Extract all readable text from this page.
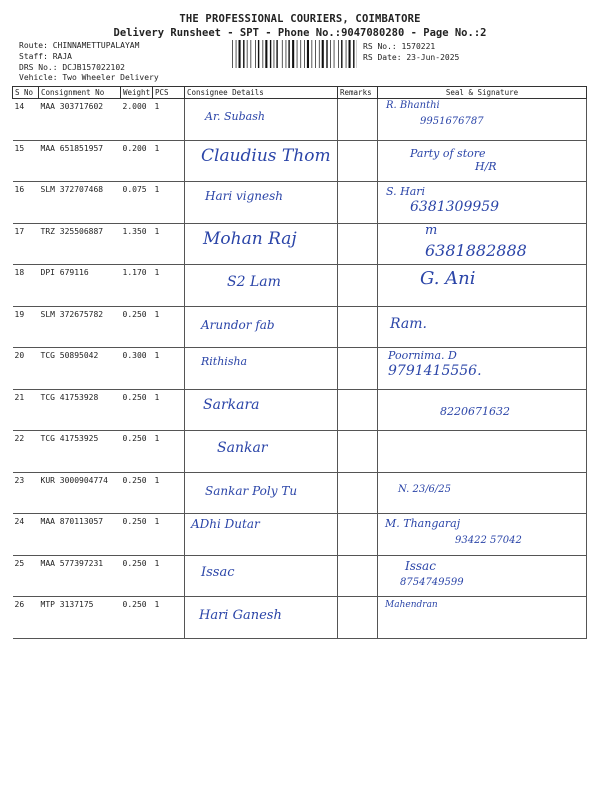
THE PROFESSIONAL COURIERS, COIMBATORE
Delivery Runsheet - SPT - Phone No.:9047080280 - Page No.:2
Route: CHINNAMETTUPALAYAM
Staff: RAJA
DRS No.: DCJB157022102
Vehicle: Two Wheeler Delivery
RS No.: 1570221
RS Date: 23-Jun-2025
S No	Consignment No	Weight	PCS	Consignee Details	Remarks	Seal & Signature
14	MAA 303717602	2.000	1	Ar. Subash		R. Bhanthi
9951676787

15	MAA 651851957	0.200	1	Claudius Thom		Party of store
H/R

16	SLM 372707468	0.075	1	Hari vignesh		S. Hari
6381309959

17	TRZ 325506887	1.350	1	Mohan Raj		m
6381882888

18	DPI 679116	1.170	1	S2 Lam		G. Ani

19	SLM 372675782	0.250	1	Arundor fab		Ram.

20	TCG 50895042	0.300	1	Rithisha		Poornima. D
9791415556.

21	TCG 41753928	0.250	1	Sarkara		8220671632

22	TCG 41753925	0.250	1	Sankar		

23	KUR 3000904774	0.250	1	Sankar Poly Tu		N. 23/6/25

24	MAA 870113057	0.250	1	ADhi Dutar		M. Thangaraj
93422 57042

25	MAA 577397231	0.250	1	Issac		Issac
8754749599

26	MTP 3137175	0.250	1	Hari Ganesh		Mahendran
